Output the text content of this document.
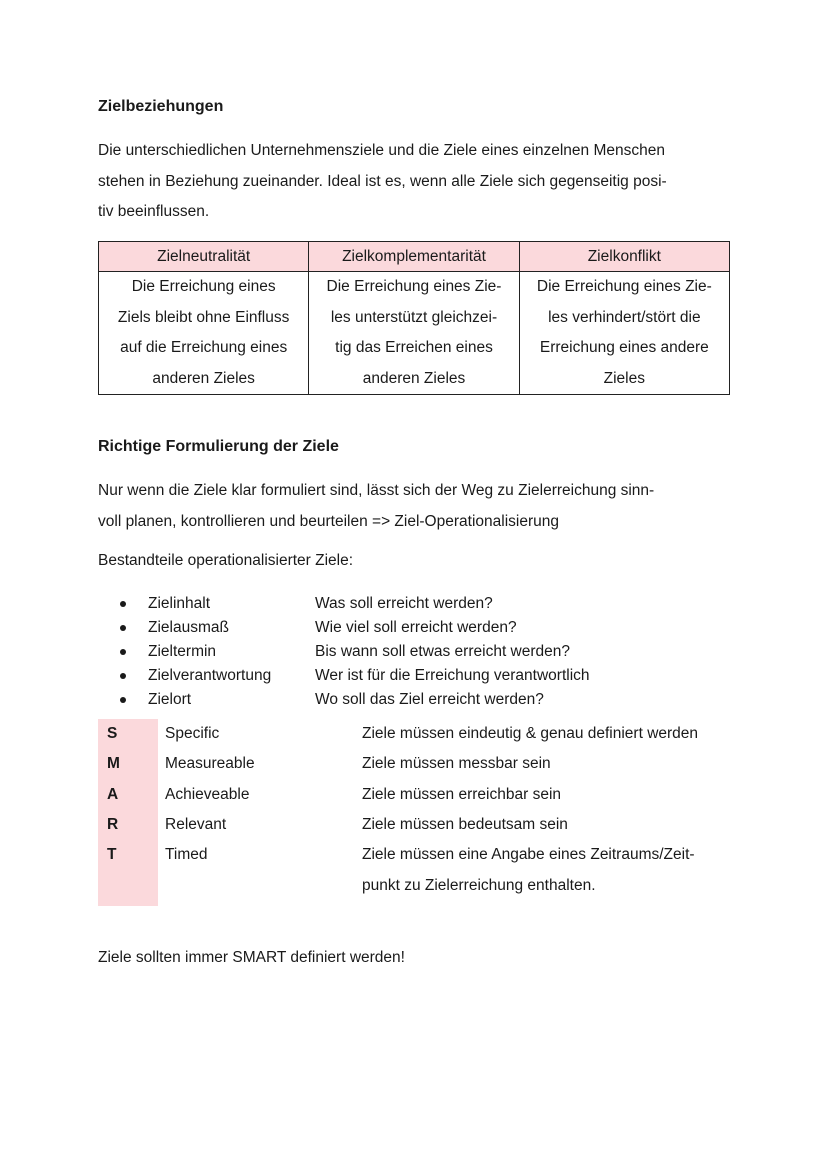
Zielbeziehungen
Die unterschiedlichen Unternehmensziele und die Ziele eines einzelnen Menschen
stehen in Beziehung zueinander. Ideal ist es, wenn alle Ziele sich gegenseitig posi-
tiv beeinflussen.
Zielneutralität	Zielkomplementarität	Zielkonflikt

Die Erreichung eines
Ziels bleibt ohne Einfluss
auf die Erreichung eines
anderen Zieles	Die Erreichung eines Zie-
les unterstützt gleichzei-
tig das Erreichen eines
anderen Zieles	Die Erreichung eines Zie-
les verhindert/stört die
Erreichung eines andere
Zieles
Richtige Formulierung der Ziele
Nur wenn die Ziele klar formuliert sind, lässt sich der Weg zu Zielerreichung sinn-
voll planen, kontrollieren und beurteilen => Ziel-Operationalisierung
Bestandteile operationalisierter Ziele:
Zielinhalt	Was soll erreicht werden?
Zielausmaß	Wie viel soll erreicht werden?
Zieltermin	Bis wann soll etwas erreicht werden?
Zielverantwortung	Wer ist für die Erreichung verantwortlich
Zielort	Wo soll das Ziel erreicht werden?
S	Specific	Ziele müssen eindeutig & genau definiert werden
M	Measureable	Ziele müssen messbar sein
A	Achieveable	Ziele müssen erreichbar sein
R	Relevant	Ziele müssen bedeutsam sein
T	Timed	Ziele müssen eine Angabe eines Zeitraums/Zeit-
punkt zu Zielerreichung enthalten.
Ziele sollten immer SMART definiert werden!
